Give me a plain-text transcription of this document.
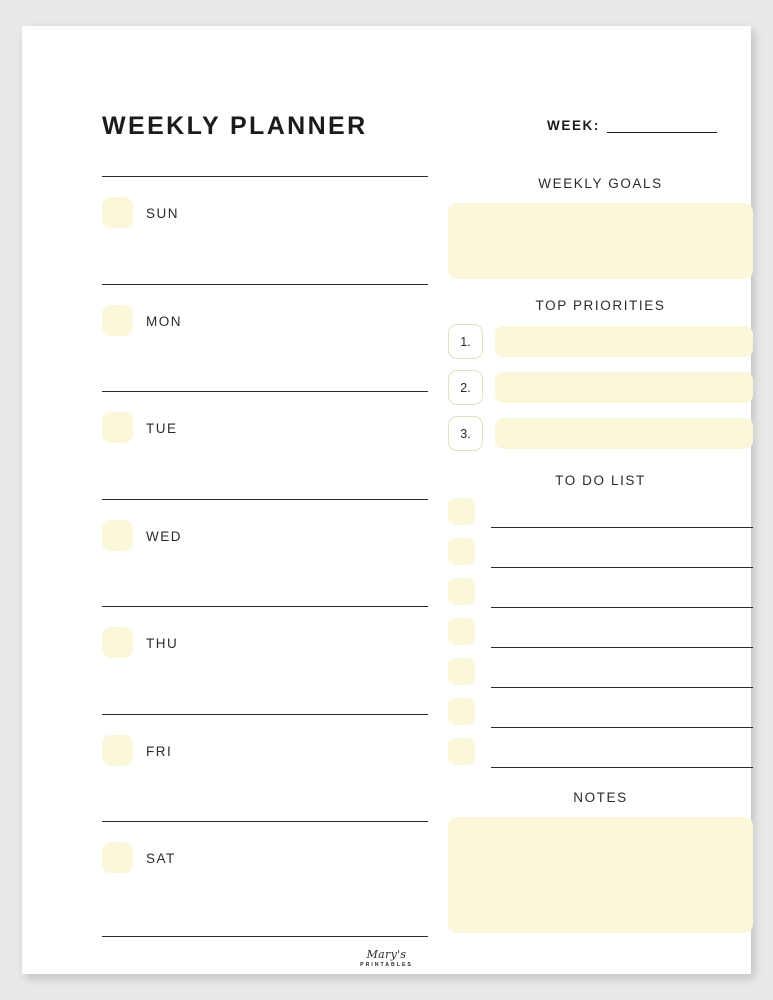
WEEKLY PLANNER	WEEK:
SUN
MON
TUE
WED
THU
FRI
SAT
WEEKLY GOALS
TOP PRIORITIES
1.
2.
3.
TO DO LIST
NOTES
Mary's
PRINTABLES
